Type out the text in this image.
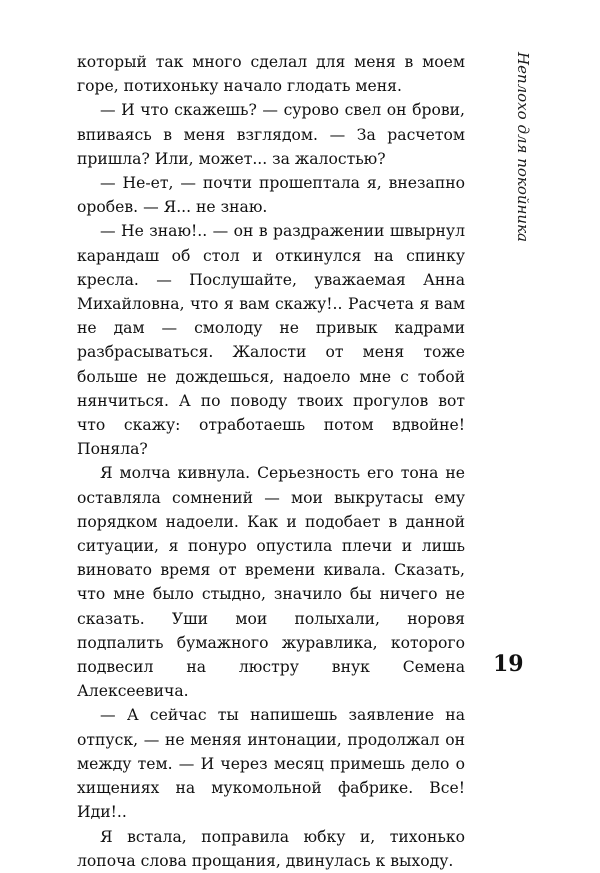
Неплохо для покойника

который так много сделал для меня в моем горе, потихоньку начало глодать меня.

— И что скажешь? — сурово свел он брови, впиваясь в меня взглядом. — За расчетом пришла? Или, может... за жалостью?

— Не-ет, — почти прошептала я, внезапно оробев. — Я... не знаю.

— Не знаю!.. — он в раздражении швырнул карандаш об стол и откинулся на спинку кресла. — Послушайте, уважаемая Анна Михайловна, что я вам скажу!.. Расчета я вам не дам — смолоду не привык кадрами разбрасываться. Жалости от меня тоже больше не дождешься, надоело мне с тобой нянчиться. А по поводу твоих прогулов вот что скажу: отработаешь потом вдвойне! Поняла?

Я молча кивнула. Серьезность его тона не оставляла сомнений — мои выкрутасы ему порядком надоели. Как и подобает в данной ситуации, я понуро опустила плечи и лишь виновато время от времени кивала. Сказать, что мне было стыдно, значило бы ничего не сказать. Уши мои полыхали, норовя подпалить бумажного журавлика, которого подвесил на люстру внук Семена Алексеевича.

— А сейчас ты напишешь заявление на отпуск, — не меняя интонации, продолжал он между тем. — И через месяц примешь дело о хищениях на мукомольной фабрике. Все! Иди!..

Я встала, поправила юбку и, тихонько лопоча слова прощания, двинулась к выходу.

19
